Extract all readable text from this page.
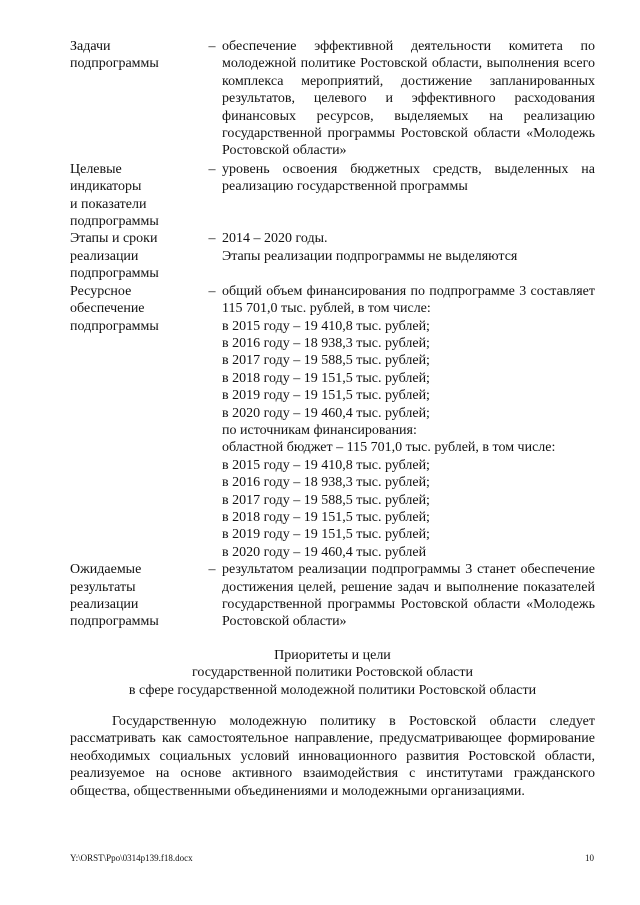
Задачи
подпрограммы
– обеспечение эффективной деятельности комитета по молодежной политике Ростовской области, выполнения всего комплекса мероприятий, достижение запланированных результатов, целевого и эффективного расходования финансовых ресурсов, выделяемых на реализацию государственной программы Ростовской области «Молодежь Ростовской области»
Целевые
индикаторы
и показатели
подпрограммы
– уровень освоения бюджетных средств, выделенных на реализацию государственной программы
Этапы и сроки
реализации
подпрограммы
– 2014 – 2020 годы.
Этапы реализации подпрограммы не выделяются
Ресурсное
обеспечение
подпрограммы
– общий объем финансирования по подпрограмме 3 составляет 115 701,0 тыс. рублей, в том числе:
в 2015 году – 19 410,8 тыс. рублей;
в 2016 году – 18 938,3 тыс. рублей;
в 2017 году – 19 588,5 тыс. рублей;
в 2018 году – 19 151,5 тыс. рублей;
в 2019 году – 19 151,5 тыс. рублей;
в 2020 году – 19 460,4 тыс. рублей;
по источникам финансирования:
областной бюджет – 115 701,0 тыс. рублей, в том числе:
в 2015 году – 19 410,8 тыс. рублей;
в 2016 году – 18 938,3 тыс. рублей;
в 2017 году – 19 588,5 тыс. рублей;
в 2018 году – 19 151,5 тыс. рублей;
в 2019 году – 19 151,5 тыс. рублей;
в 2020 году – 19 460,4 тыс. рублей
Ожидаемые
результаты
реализации
подпрограммы
– результатом реализации подпрограммы 3 станет обеспечение достижения целей, решение задач и выполнение показателей государственной программы Ростовской области «Молодежь Ростовской области»
Приоритеты и цели
государственной политики Ростовской области
в сфере государственной молодежной политики Ростовской области
Государственную молодежную политику в Ростовской области следует рассматривать как самостоятельное направление, предусматривающее формирование необходимых социальных условий инновационного развития Ростовской области, реализуемое на основе активного взаимодействия с институтами гражданского общества, общественными объединениями и молодежными организациями.
Y:\ORST\Ppo\0314p139.f18.docx	10
